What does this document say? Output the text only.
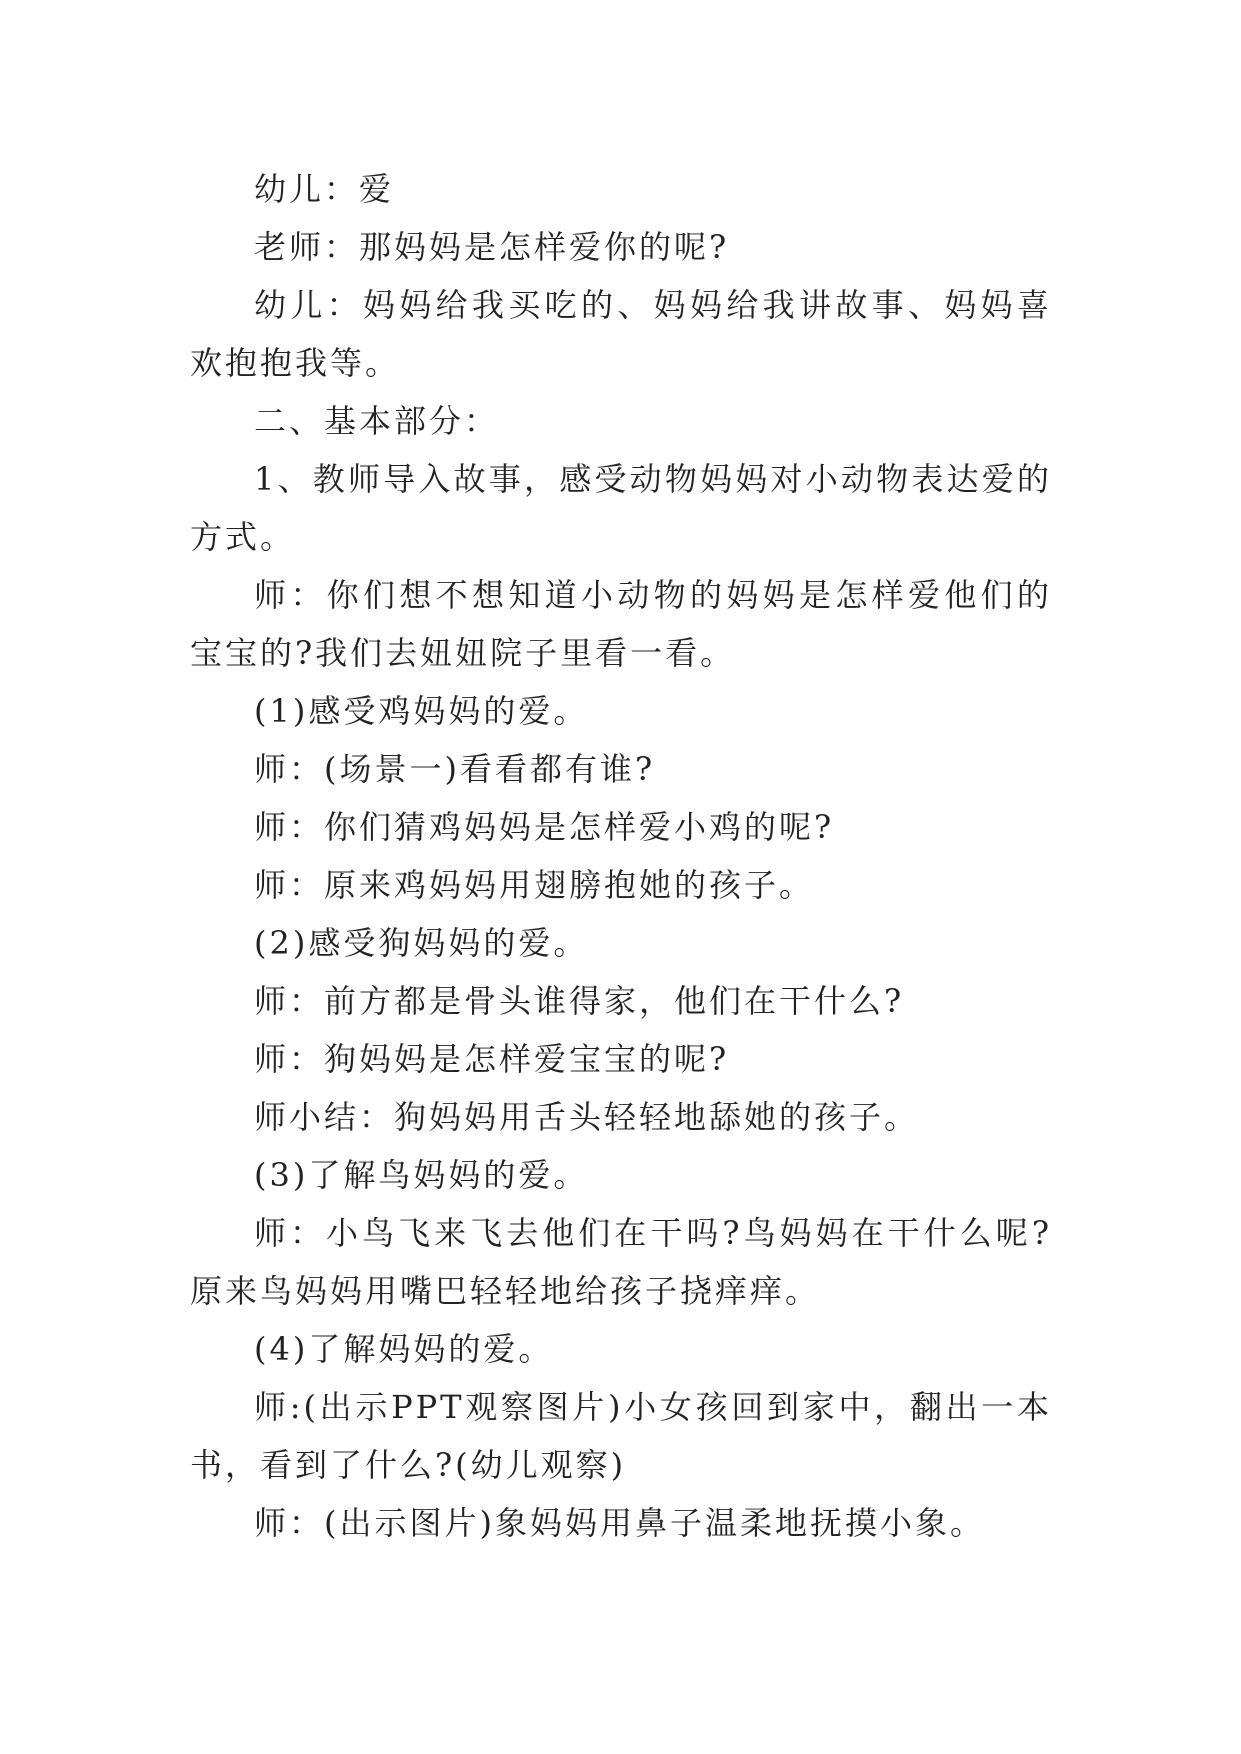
幼儿：爱

老师：那妈妈是怎样爱你的呢?

幼儿：妈妈给我买吃的、妈妈给我讲故事、妈妈喜欢抱抱我等。

二、基本部分：

1、教师导入故事，感受动物妈妈对小动物表达爱的方式。

师：你们想不想知道小动物的妈妈是怎样爱他们的宝宝的?我们去妞妞院子里看一看。

(1)感受鸡妈妈的爱。

师：(场景一)看看都有谁?

师：你们猜鸡妈妈是怎样爱小鸡的呢?

师：原来鸡妈妈用翅膀抱她的孩子。

(2)感受狗妈妈的爱。

师：前方都是骨头谁得家，他们在干什么?

师：狗妈妈是怎样爱宝宝的呢?

师小结：狗妈妈用舌头轻轻地舔她的孩子。

(3)了解鸟妈妈的爱。

师：小鸟飞来飞去他们在干吗?鸟妈妈在干什么呢?原来鸟妈妈用嘴巴轻轻地给孩子挠痒痒。

(4)了解妈妈的爱。

师:(出示PPT观察图片)小女孩回到家中，翻出一本书，看到了什么?(幼儿观察)

师：(出示图片)象妈妈用鼻子温柔地抚摸小象。
